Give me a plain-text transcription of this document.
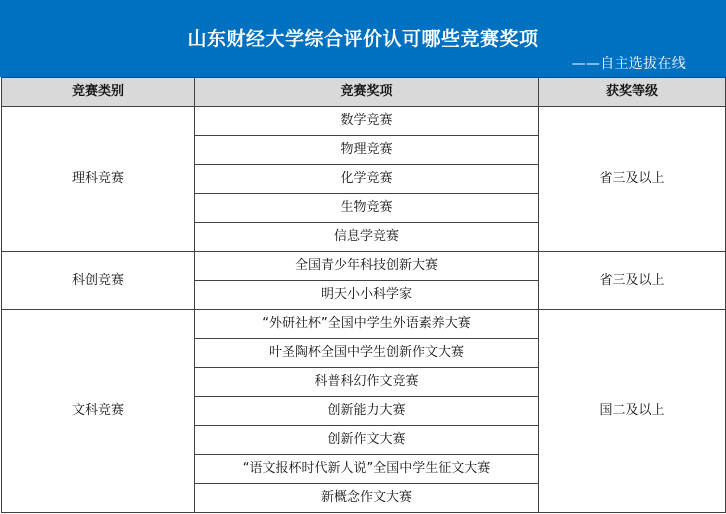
山东财经大学综合评价认可哪些竞赛奖项
——自主选拔在线
竞赛类别	竞赛奖项	获奖等级
理科竞赛	数学竞赛	省三及以上
	物理竞赛	
	化学竞赛	
	生物竞赛	
	信息学竞赛	
科创竞赛	全国青少年科技创新大赛	省三及以上
	明天小小科学家	
文科竞赛	“外研社杯”全国中学生外语素养大赛	国二及以上
	叶圣陶杯全国中学生创新作文大赛	
	科普科幻作文竞赛	
	创新能力大赛	
	创新作文大赛	
	“语文报杯时代新人说”全国中学生征文大赛	
	新概念作文大赛	
